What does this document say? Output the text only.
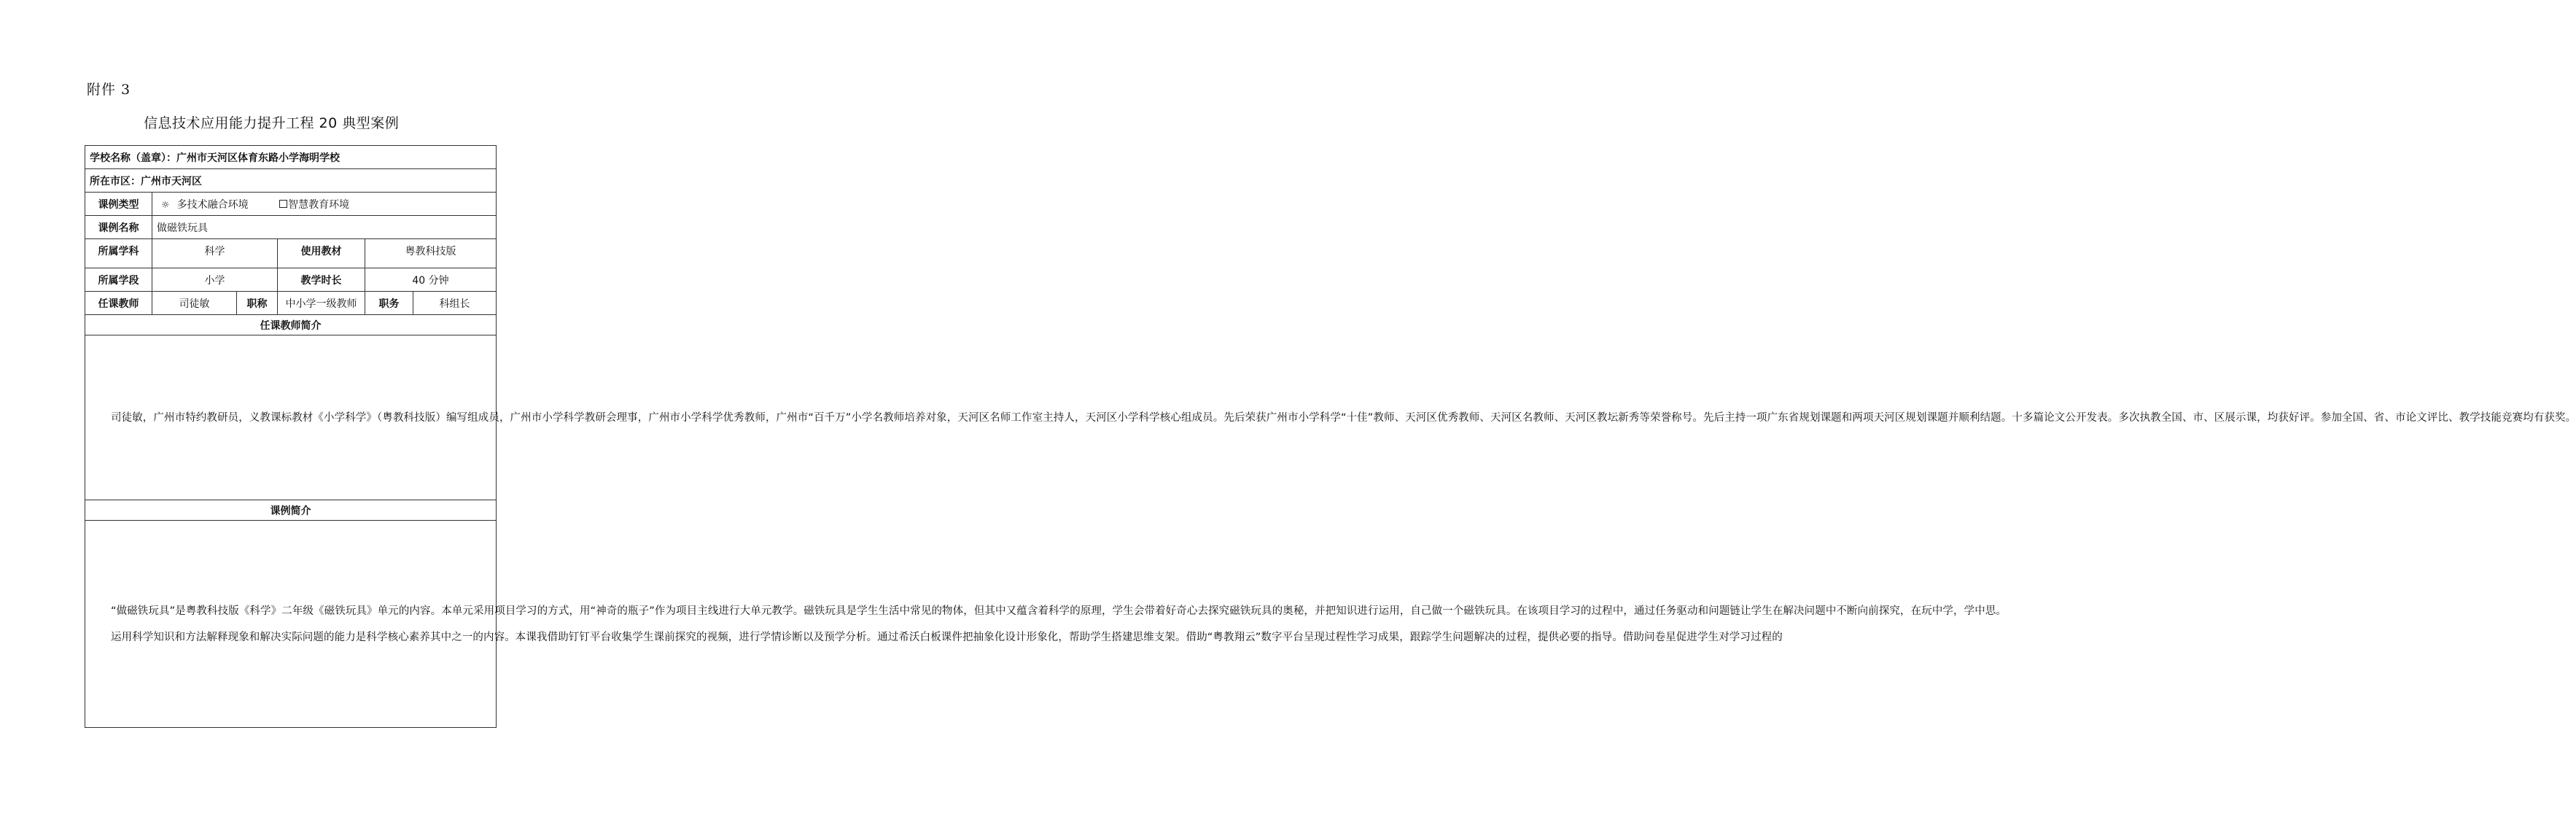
附件 3
信息技术应用能力提升工程 20 典型案例
学校名称（盖章）：广州市天河区体育东路小学海明学校					
所在市区：广州市天河区					
课例类型	☼ 多技术融合环境 智慧教育环境				
课例名称	做磁铁玩具				
所属学科	科学		使用教材	粤教科技版	
所属学段	小学		教学时长	40 分钟	
任课教师	司徒敏	职称	中小学一级教师	职务	科组长
任课教师简介					

司徒敏，广州市特约教研员，义教课标教材《小学科学》（粤教科技版）编写组成员，广州市小学科学教研会理事，广州市小学科学优秀教师，广州市“百千万”小学名教师培养对象，天河区名师工作室主持人，天河区小学科学核心组成员。先后荣获广州市小学科学“十佳”教师、天河区优秀教师、天河区名教师、天河区教坛新秀等荣誉称号。先后主持一项广东省规划课题和两项天河区规划课题并顺利结题。十多篇论文公开发表。多次执教全国、市、区展示课，均获好评。参加全国、省、市论文评比、教学技能竞赛均有获奖。					

课例简介					

“做磁铁玩具”是粤教科技版《科学》二年级《磁铁玩具》单元的内容。本单元采用项目学习的方式，用“神奇的瓶子”作为项目主线进行大单元教学。磁铁玩具是学生生活中常见的物体，但其中又蕴含着科学的原理，学生会带着好奇心去探究磁铁玩具的奥秘，并把知识进行运用，自己做一个磁铁玩具。在该项目学习的过程中，通过任务驱动和问题链让学生在解决问题中不断向前探究，在玩中学，学中思。

运用科学知识和方法解释现象和解决实际问题的能力是科学核心素养其中之一的内容。本课我借助钉钉平台收集学生课前探究的视频，进行学情诊断以及预学分析。通过希沃白板课件把抽象化设计形象化，帮助学生搭建思维支架。借助“粤教翔云”数字平台呈现过程性学习成果，跟踪学生问题解决的过程，提供必要的指导。借助问卷星促进学生对学习过程的					
